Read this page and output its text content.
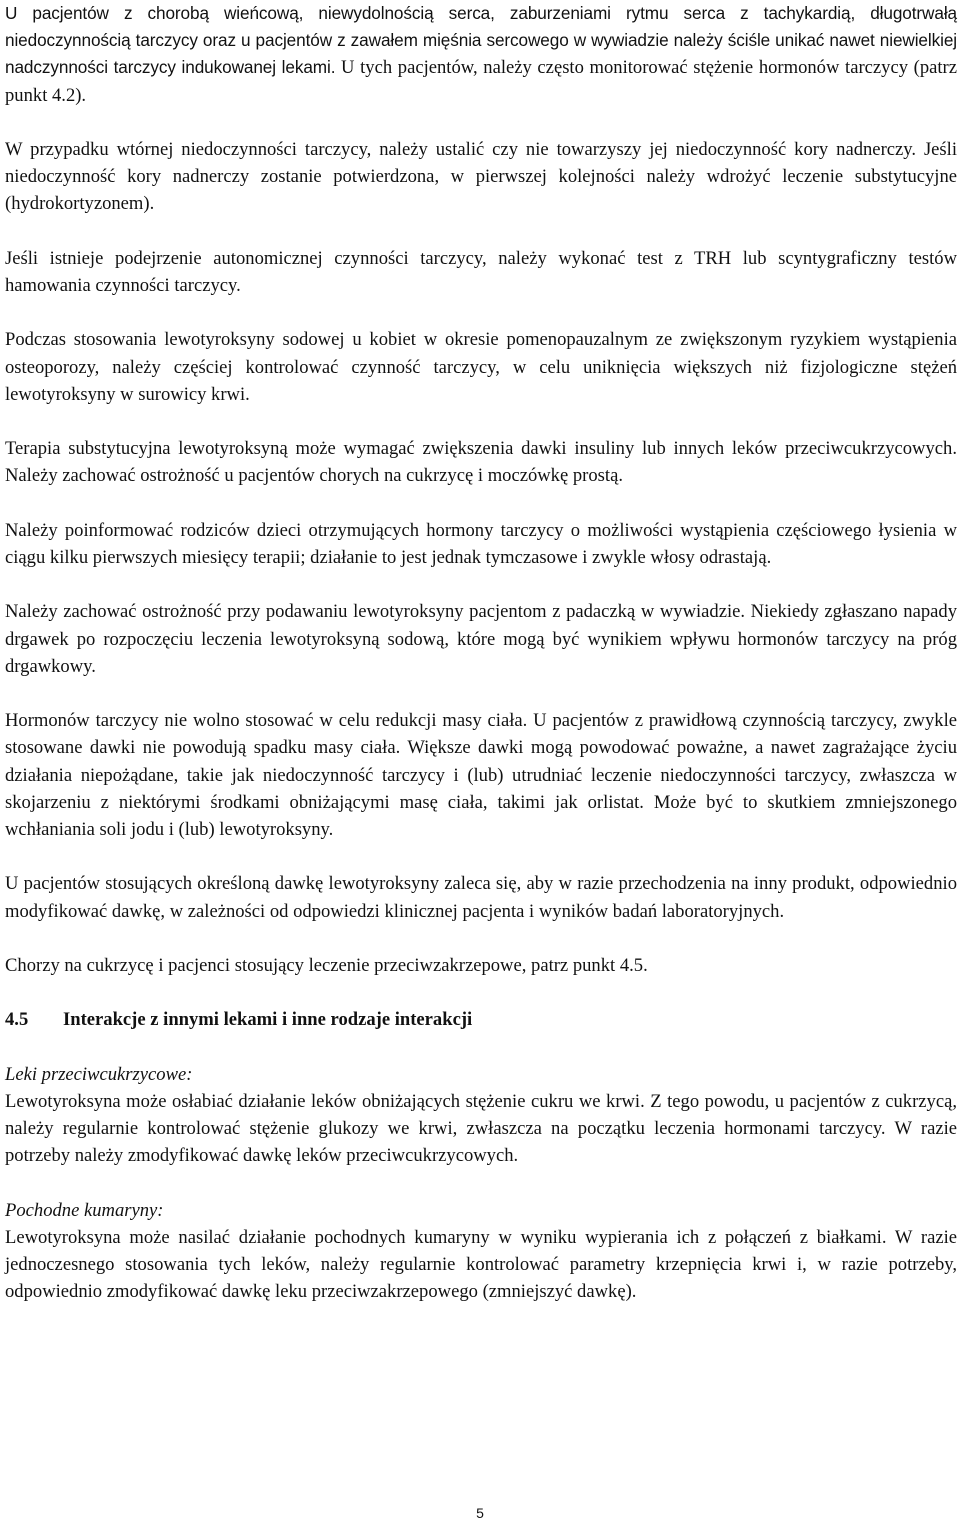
U pacjentów z chorobą wieńcową, niewydolnością serca, zaburzeniami rytmu serca z tachykardią, długotrwałą niedoczynnością tarczycy oraz u pacjentów z zawałem mięśnia sercowego w wywiadzie należy ściśle unikać nawet niewielkiej nadczynności tarczycy indukowanej lekami. U tych pacjentów, należy często monitorować stężenie hormonów tarczycy (patrz punkt 4.2).

W przypadku wtórnej niedoczynności tarczycy, należy ustalić czy nie towarzyszy jej niedoczynność kory nadnerczy. Jeśli niedoczynność kory nadnerczy zostanie potwierdzona, w pierwszej kolejności należy wdrożyć leczenie substytucyjne (hydrokortyzonem).

Jeśli istnieje podejrzenie autonomicznej czynności tarczycy, należy wykonać test z TRH lub scyntygraficzny testów hamowania czynności tarczycy.

Podczas stosowania lewotyroksyny sodowej u kobiet w okresie pomenopauzalnym ze zwiększonym ryzykiem wystąpienia osteoporozy, należy częściej kontrolować czynność tarczycy, w celu uniknięcia większych niż fizjologiczne stężeń lewotyroksyny w surowicy krwi.

Terapia substytucyjna lewotyroksyną może wymagać zwiększenia dawki insuliny lub innych leków przeciwcukrzycowych. Należy zachować ostrożność u pacjentów chorych na cukrzycę i moczówkę prostą.

Należy poinformować rodziców dzieci otrzymujących hormony tarczycy o możliwości wystąpienia częściowego łysienia w ciągu kilku pierwszych miesięcy terapii; działanie to jest jednak tymczasowe i zwykle włosy odrastają.

Należy zachować ostrożność przy podawaniu lewotyroksyny pacjentom z padaczką w wywiadzie. Niekiedy zgłaszano napady drgawek po rozpoczęciu leczenia lewotyroksyną sodową, które mogą być wynikiem wpływu hormonów tarczycy na próg drgawkowy.

Hormonów tarczycy nie wolno stosować w celu redukcji masy ciała. U pacjentów z prawidłową czynnością tarczycy, zwykle stosowane dawki nie powodują spadku masy ciała. Większe dawki mogą powodować poważne, a nawet zagrażające życiu działania niepożądane, takie jak niedoczynność tarczycy i (lub) utrudniać leczenie niedoczynności tarczycy, zwłaszcza w skojarzeniu z niektórymi środkami obniżającymi masę ciała, takimi jak orlistat. Może być to skutkiem zmniejszonego wchłaniania soli jodu i (lub) lewotyroksyny.

U pacjentów stosujących określoną dawkę lewotyroksyny zaleca się, aby w razie przechodzenia na inny produkt, odpowiednio modyfikować dawkę, w zależności od odpowiedzi klinicznej pacjenta i wyników badań laboratoryjnych.

Chorzy na cukrzycę i pacjenci stosujący leczenie przeciwzakrzepowe, patrz punkt 4.5.

4.5	Interakcje z innymi lekami i inne rodzaje interakcji

Leki przeciwcukrzycowe:

Lewotyroksyna może osłabiać działanie leków obniżających stężenie cukru we krwi. Z tego powodu, u pacjentów z cukrzycą, należy regularnie kontrolować stężenie glukozy we krwi, zwłaszcza na początku leczenia hormonami tarczycy. W razie potrzeby należy zmodyfikować dawkę leków przeciwcukrzycowych.

Pochodne kumaryny:

Lewotyroksyna może nasilać działanie pochodnych kumaryny w wyniku wypierania ich z połączeń z białkami. W razie jednoczesnego stosowania tych leków, należy regularnie kontrolować parametry krzepnięcia krwi i, w razie potrzeby, odpowiednio zmodyfikować dawkę leku przeciwzakrzepowego (zmniejszyć dawkę).

5
